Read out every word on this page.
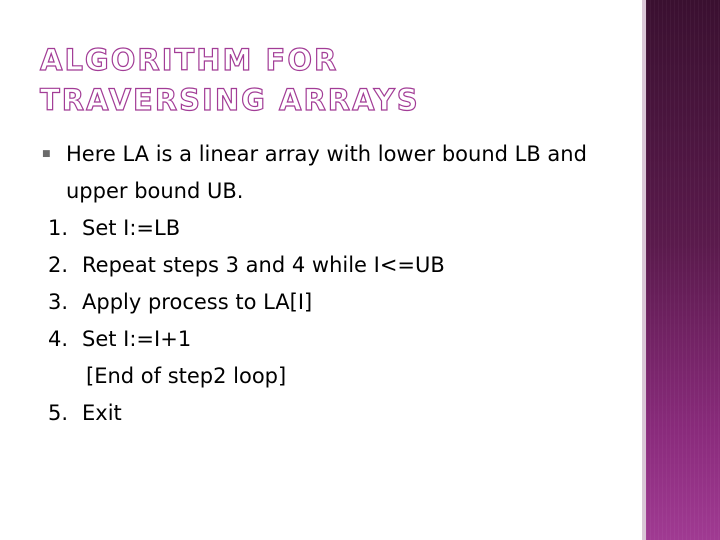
ALGORITHM FOR TRAVERSING ARRAYS
■ Here LA is a linear array with lower bound LB and upper bound UB.
1. Set I:=LB
2. Repeat steps 3 and 4 while I<=UB
3. Apply process to LA[I]
4. Set I:=I+1
[End of step2 loop]
5. Exit
